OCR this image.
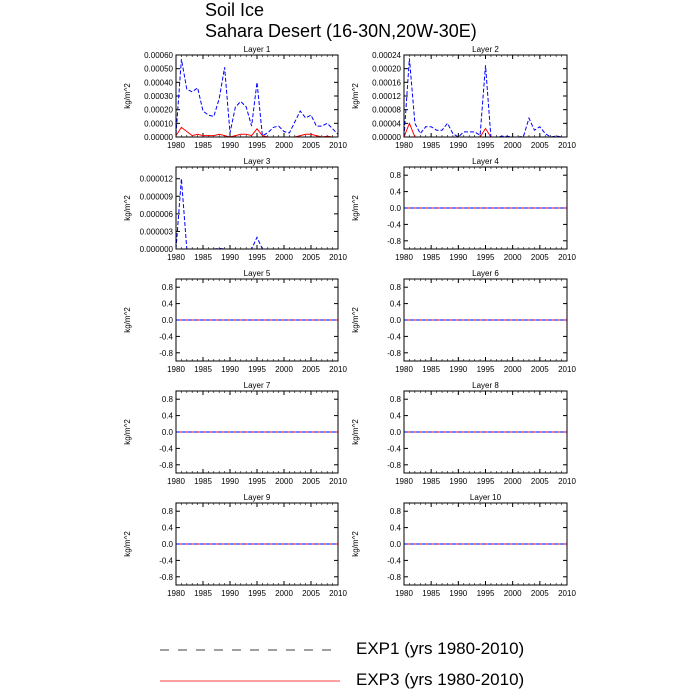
Soil Ice
Sahara Desert (16-30N,20W-30E)
Layer 1
kg/m^2
1980 1985 1990 1995 2000 2005 2010
0.00000
0.00010
0.00020
0.00030
0.00040
0.00050
0.00060
Layer 2
kg/m^2
1980 1985 1990 1995 2000 2005 2010
0.00000
0.00004
0.00008
0.00012
0.00016
0.00020
0.00024
Layer 3
kg/m^2
1980 1985 1990 1995 2000 2005 2010
0.000000
0.000003
0.000006
0.000009
0.000012
Layer 4
kg/m^2
1980 1985 1990 1995 2000 2005 2010
-0.8
-0.4
0.0
0.4
0.8
Layer 5
kg/m^2
1980 1985 1990 1995 2000 2005 2010
-0.8
-0.4
0.0
0.4
0.8
Layer 6
kg/m^2
1980 1985 1990 1995 2000 2005 2010
-0.8
-0.4
0.0
0.4
0.8
Layer 7
kg/m^2
1980 1985 1990 1995 2000 2005 2010
-0.8
-0.4
0.0
0.4
0.8
Layer 8
kg/m^2
1980 1985 1990 1995 2000 2005 2010
-0.8
-0.4
0.0
0.4
0.8
Layer 9
kg/m^2
1980 1985 1990 1995 2000 2005 2010
-0.8
-0.4
0.0
0.4
0.8
Layer 10
kg/m^2
1980 1985 1990 1995 2000 2005 2010
-0.8
-0.4
0.0
0.4
0.8
EXP1 (yrs 1980-2010)
EXP3 (yrs 1980-2010)
